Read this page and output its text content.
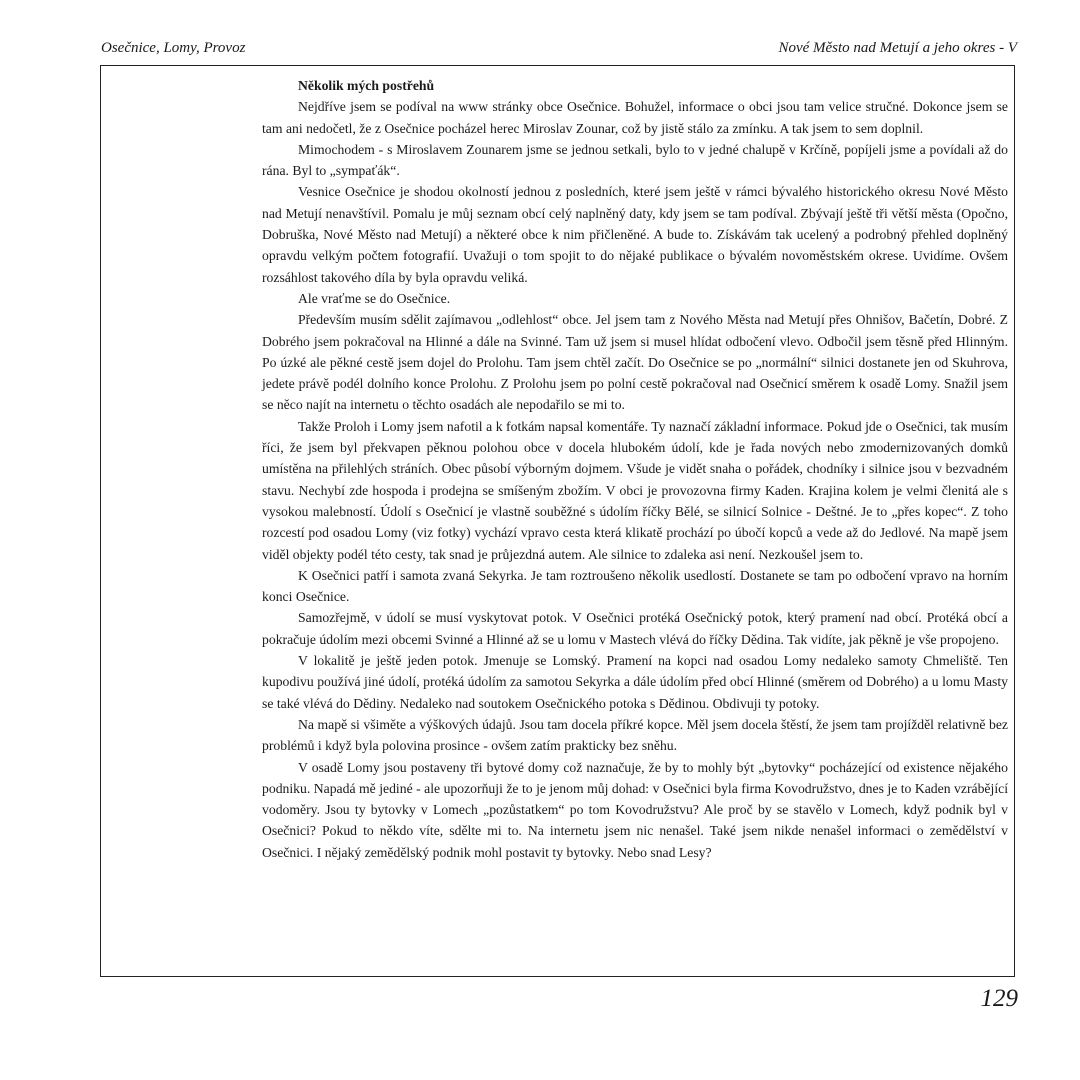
Osečnice, Lomy, Provoz	Nové Město nad Metují a jeho okres - V
Několik mých postřehů

Nejdříve jsem se podíval na www stránky obce Osečnice. Bohužel, informace o obci jsou tam velice stručné. Dokonce jsem se tam ani nedočetl, že z Osečnice pocházel herec Miroslav Zounar, což by jistě stálo za zmínku. A tak jsem to sem doplnil.

Mimochodem - s Miroslavem Zounarem jsme se jednou setkali, bylo to v jedné chalupě v Krčíně, popíjeli jsme a povídali až do rána. Byl to „sympaťák“.

Vesnice Osečnice je shodou okolností jednou z posledních, které jsem ještě v rámci bývalého historického okresu Nové Město nad Metují nenavštívil. Pomalu je můj seznam obcí celý naplněný daty, kdy jsem se tam podíval. Zbývají ještě tři větší města (Opočno, Dobruška, Nové Město nad Metují) a některé obce k nim přičleněné. A bude to. Získávám tak ucelený a podrobný přehled doplněný opravdu velkým počtem fotografií. Uvažuji o tom spojit to do nějaké publikace o bývalém novoměstském okrese. Uvidíme. Ovšem rozsáhlost takového díla by byla opravdu veliká.

Ale vraťme se do Osečnice.

Především musím sdělit zajímavou „odlehlost“ obce. Jel jsem tam z Nového Města nad Metují přes Ohnišov, Bačetín, Dobré. Z Dobrého jsem pokračoval na Hlinné a dále na Svinné. Tam už jsem si musel hlídat odbočení vlevo. Odbočil jsem těsně před Hlinným. Po úzké ale pěkné cestě jsem dojel do Prolohu. Tam jsem chtěl začít. Do Osečnice se po „normální“ silnici dostanete jen od Skuhrova, jedete právě podél dolního konce Prolohu. Z Prolohu jsem po polní cestě pokračoval nad Osečnicí směrem k osadě Lomy. Snažil jsem se něco najít na internetu o těchto osadách ale nepodařilo se mi to.

Takže Proloh i Lomy jsem nafotil a k fotkám napsal komentáře. Ty naznačí základní informace. Pokud jde o Osečnici, tak musím říci, že jsem byl překvapen pěknou polohou obce v docela hlubokém údolí, kde je řada nových nebo zmodernizovaných domků umístěna na přilehlých stráních. Obec působí výborným dojmem. Všude je vidět snaha o pořádek, chodníky i silnice jsou v bezvadném stavu. Nechybí zde hospoda i prodejna se smíšeným zbožím. V obci je provozovna firmy Kaden. Krajina kolem je velmi členitá ale s vysokou malebností. Údolí s Osečnicí je vlastně souběžné s údolím říčky Bělé, se silnicí Solnice - Deštné. Je to „přes kopec“. Z toho rozcestí pod osadou Lomy (viz fotky) vychází vpravo cesta která klikatě prochází po úbočí kopců a vede až do Jedlové. Na mapě jsem viděl objekty podél této cesty, tak snad je průjezdná autem. Ale silnice to zdaleka asi není. Nezkoušel jsem to.

K Osečnici patří i samota zvaná Sekyrka. Je tam roztroušeno několik usedlostí. Dostanete se tam po odbočení vpravo na horním konci Osečnice.

Samozřejmě, v údolí se musí vyskytovat potok. V Osečnici protéká Osečnický potok, který pramení nad obcí. Protéká obcí a pokračuje údolím mezi obcemi Svinné a Hlinné až se u lomu v Mastech vlévá do říčky Dědina. Tak vidíte, jak pěkně je vše propojeno.

V lokalitě je ještě jeden potok. Jmenuje se Lomský. Pramení na kopci nad osadou Lomy nedaleko samoty Chmeliště. Ten kupodivu používá jiné údolí, protéká údolím za samotou Sekyrka a dále údolím před obcí Hlinné (směrem od Dobrého) a u lomu Masty se také vlévá do Dědiny. Nedaleko nad soutokem Osečnického potoka s Dědinou. Obdivuji ty potoky.

Na mapě si všiměte a výškových údajů. Jsou tam docela příkré kopce. Měl jsem docela štěstí, že jsem tam projížděl relativně bez problémů i když byla polovina prosince - ovšem zatím prakticky bez sněhu.

V osadě Lomy jsou postaveny tři bytové domy což naznačuje, že by to mohly být „bytovky“ pocházející od existence nějakého podniku. Napadá mě jediné - ale upozorňuji že to je jenom můj dohad: v Osečnici byla firma Kovodružstvo, dnes je to Kaden vzrábějící vodoměry. Jsou ty bytovky v Lomech „pozůstatkem“ po tom Kovodružstvu? Ale proč by se stavělo v Lomech, když podnik byl v Osečnici? Pokud to někdo víte, sdělte mi to. Na internetu jsem nic nenašel. Také jsem nikde nenašel informaci o zemědělství v Osečnici. I nějaký zemědělský podnik mohl postavit ty bytovky. Nebo snad Lesy?

129
